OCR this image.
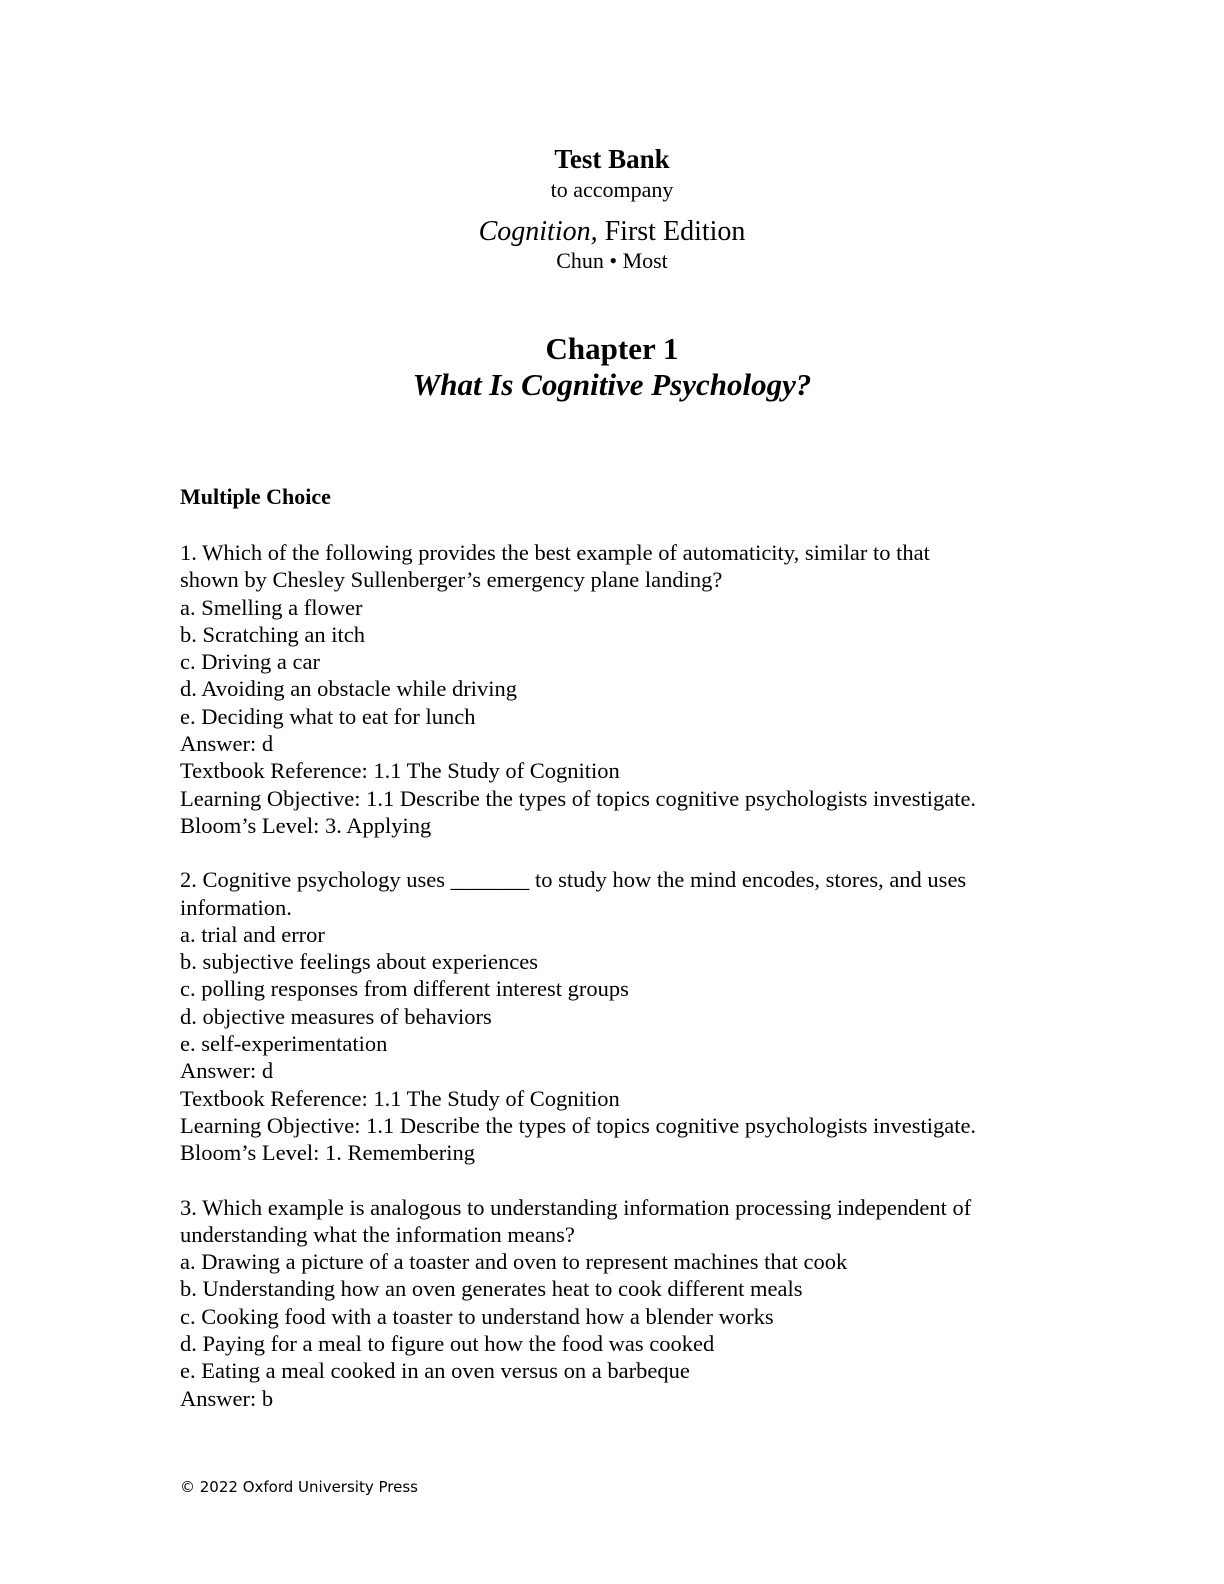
Test Bank
to accompany
Cognition, First Edition
Chun • Most
Chapter 1
What Is Cognitive Psychology?
Multiple Choice
1. Which of the following provides the best example of automaticity, similar to that
shown by Chesley Sullenberger’s emergency plane landing?
a. Smelling a flower
b. Scratching an itch
c. Driving a car
d. Avoiding an obstacle while driving
e. Deciding what to eat for lunch
Answer: d
Textbook Reference: 1.1 The Study of Cognition
Learning Objective: 1.1 Describe the types of topics cognitive psychologists investigate.
Bloom’s Level: 3. Applying
2. Cognitive psychology uses _______ to study how the mind encodes, stores, and uses
information.
a. trial and error
b. subjective feelings about experiences
c. polling responses from different interest groups
d. objective measures of behaviors
e. self-experimentation
Answer: d
Textbook Reference: 1.1 The Study of Cognition
Learning Objective: 1.1 Describe the types of topics cognitive psychologists investigate.
Bloom’s Level: 1. Remembering
3. Which example is analogous to understanding information processing independent of
understanding what the information means?
a. Drawing a picture of a toaster and oven to represent machines that cook
b. Understanding how an oven generates heat to cook different meals
c. Cooking food with a toaster to understand how a blender works
d. Paying for a meal to figure out how the food was cooked
e. Eating a meal cooked in an oven versus on a barbeque
Answer: b
© 2022 Oxford University Press
